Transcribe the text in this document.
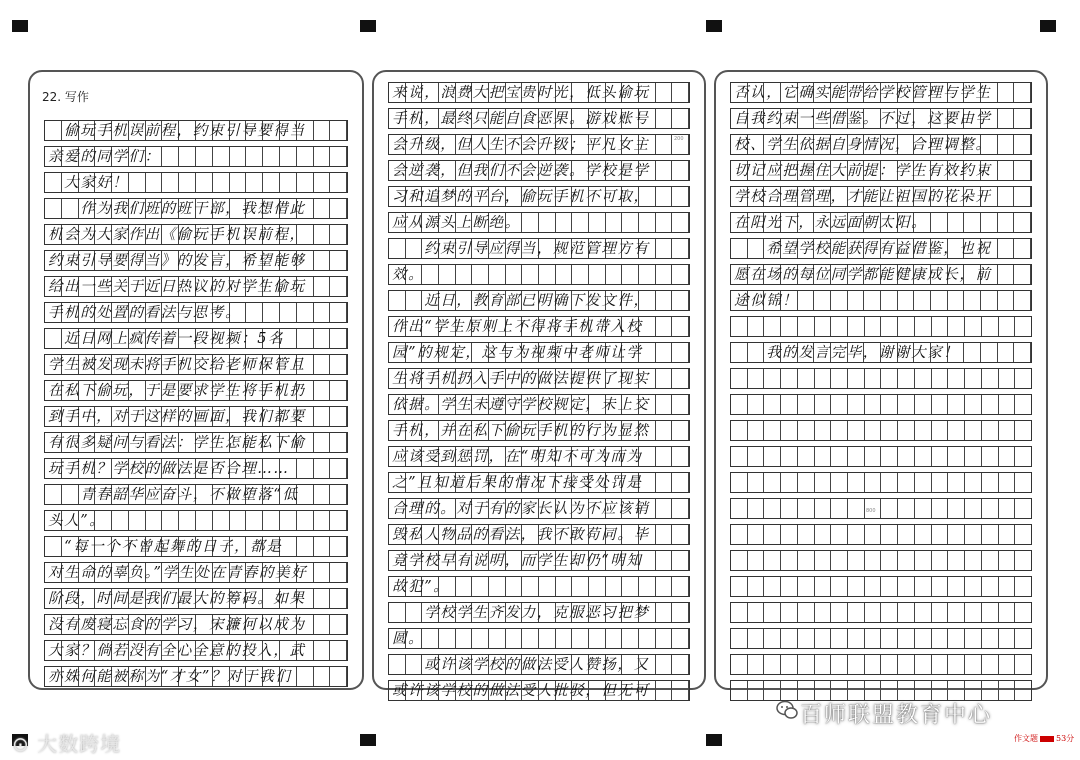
22. 写作
　偷玩手机误前程，约束引导要得当
亲爱的同学们：
　大家好！
　　作为我们班的班干部，我想借此
机会为大家作出《偷玩手机误前程，
约束引导要得当》的发言，希望能够
给出一些关于近日热议的对学生偷玩
手机的处置的看法与思考。
　近日网上疯传着一段视频：5名
学生被发现未将手机交给老师保管且
在私下偷玩，于是要求学生将手机扔
到手中，对于这样的画面，我们都要
有很多疑问与看法：学生怎能私下偷
玩手机？学校的做法是否合理……
　　青春韶华应奋斗，不做堕落“低
头人”。
　“每一个不曾起舞的日子，都是
对生命的辜负。”学生处在青春的美好
阶段，时间是我们最大的筹码。如果
没有废寝忘食的学习，宋濂何以成为
大家？倘若没有全心全意的投入，武
亦姝何能被称为“才女”？对于我们
来说，浪费大把宝贵时光，低头偷玩
手机，最终只能自食恶果。游戏账号
会升级，但人生不会升级；平凡女主
会逆袭，但我们不会逆袭。学校是学
习和追梦的平台，偷玩手机不可取，
应从源头上断绝。
　　约束引导应得当，规范管理方有
效。
　　近日，教育部已明确下发文件，
作出“学生原则上不得将手机带入校
园”的规定，这与为视频中老师让学
生将手机扔入手中的做法提供了现实
依据。学生未遵守学校规定，未上交
手机，并在私下偷玩手机的行为显然
应该受到惩罚，在“明知不可为而为
之”且知道后果的情况下接受处罚是
合理的。对于有的家长认为不应该销
毁私人物品的看法，我不敢苟同。毕
竟学校早有说明，而学生却仍“明知
故犯”。
　　学校学生齐发力，克服恶习把梦
圆。
　　或许该学校的做法受人赞扬，又
或许该学校的做法受人批驳，但无可
200
否认，它确实能带给学校管理与学生
自我约束一些借鉴。不过，这要由学
校、学生依据自身情况，合理调整。
切记应把握住大前提：学生有效约束
学校合理管理，才能让祖国的花朵开
在阳光下，永远面朝太阳。
　　希望学校能获得有益借鉴，也祝
愿在场的每位同学都能健康成长，前
途似锦！
　　我的发言完毕，谢谢大家！
800
⊙ 大数跨境
百师联盟教育中心
作文题 53分
